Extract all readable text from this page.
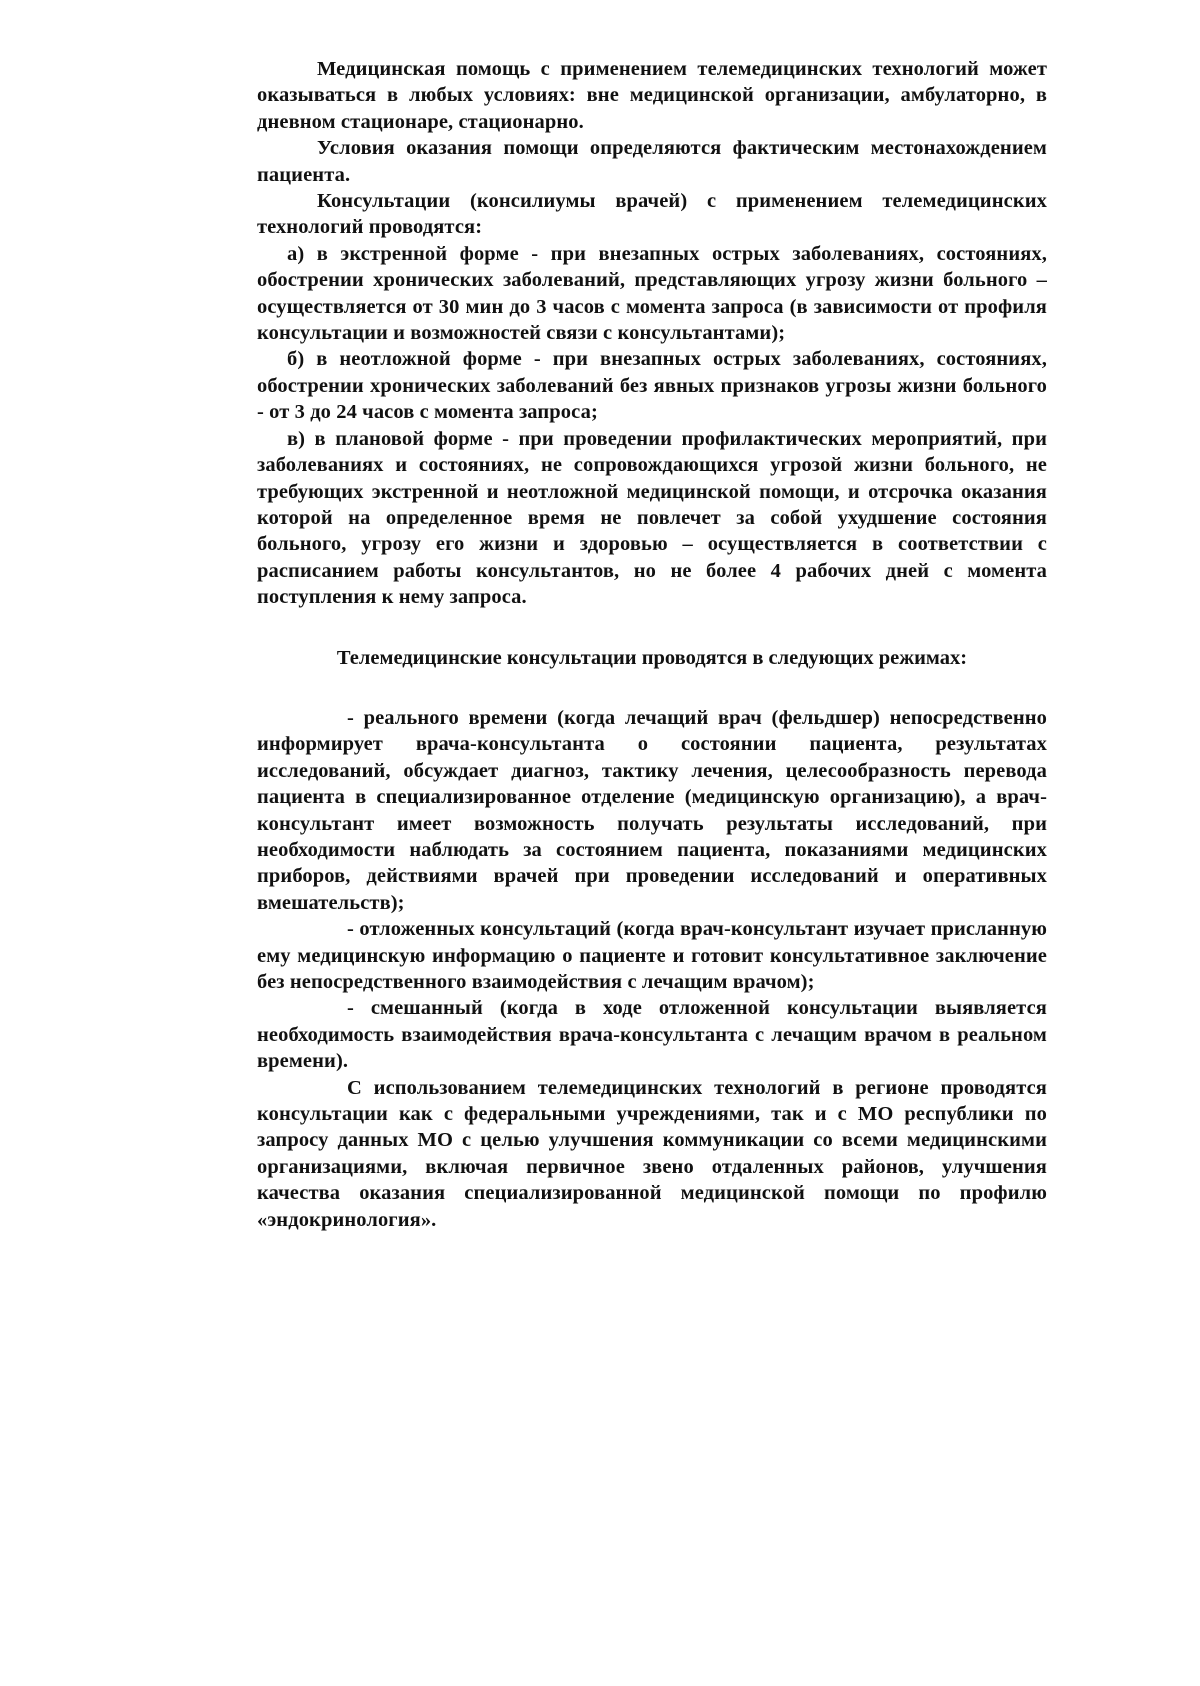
Медицинская помощь с применением телемедицинских технологий может оказываться в любых условиях: вне медицинской организации, амбулаторно, в дневном стационаре, стационарно.

Условия оказания помощи определяются фактическим местонахождением пациента.

Консультации (консилиумы врачей) с применением телемедицинских технологий проводятся:

а) в экстренной форме - при внезапных острых заболеваниях, состояниях, обострении хронических заболеваний, представляющих угрозу жизни больного – осуществляется от 30 мин до 3 часов с момента запроса (в зависимости от профиля консультации и возможностей связи с консультантами);

б) в неотложной форме - при внезапных острых заболеваниях, состояниях, обострении хронических заболеваний без явных признаков угрозы жизни больного - от 3 до 24 часов с момента запроса;

в) в плановой форме - при проведении профилактических мероприятий, при заболеваниях и состояниях, не сопровождающихся угрозой жизни больного, не требующих экстренной и неотложной медицинской помощи, и отсрочка оказания которой на определенное время не повлечет за собой ухудшение состояния больного, угрозу его жизни и здоровью – осуществляется в соответствии с расписанием работы консультантов, но не более 4 рабочих дней с момента поступления к нему запроса.

Телемедицинские консультации проводятся в следующих режимах:

- реального времени (когда лечащий врач (фельдшер) непосредственно информирует врача-консультанта о состоянии пациента, результатах исследований, обсуждает диагноз, тактику лечения, целесообразность перевода пациента в специализированное отделение (медицинскую организацию), а врач-консультант имеет возможность получать результаты исследований, при необходимости наблюдать за состоянием пациента, показаниями медицинских приборов, действиями врачей при проведении исследований и оперативных вмешательств);

- отложенных консультаций (когда врач-консультант изучает присланную ему медицинскую информацию о пациенте и готовит консультативное заключение без непосредственного взаимодействия с лечащим врачом);

- смешанный (когда в ходе отложенной консультации выявляется необходимость взаимодействия врача-консультанта с лечащим врачом в реальном времени).

С использованием телемедицинских технологий в регионе проводятся консультации как с федеральными учреждениями, так и с МО республики по запросу данных МО с целью улучшения коммуникации со всеми медицинскими организациями, включая первичное звено отдаленных районов, улучшения качества оказания специализированной медицинской помощи по профилю «эндокринология».
